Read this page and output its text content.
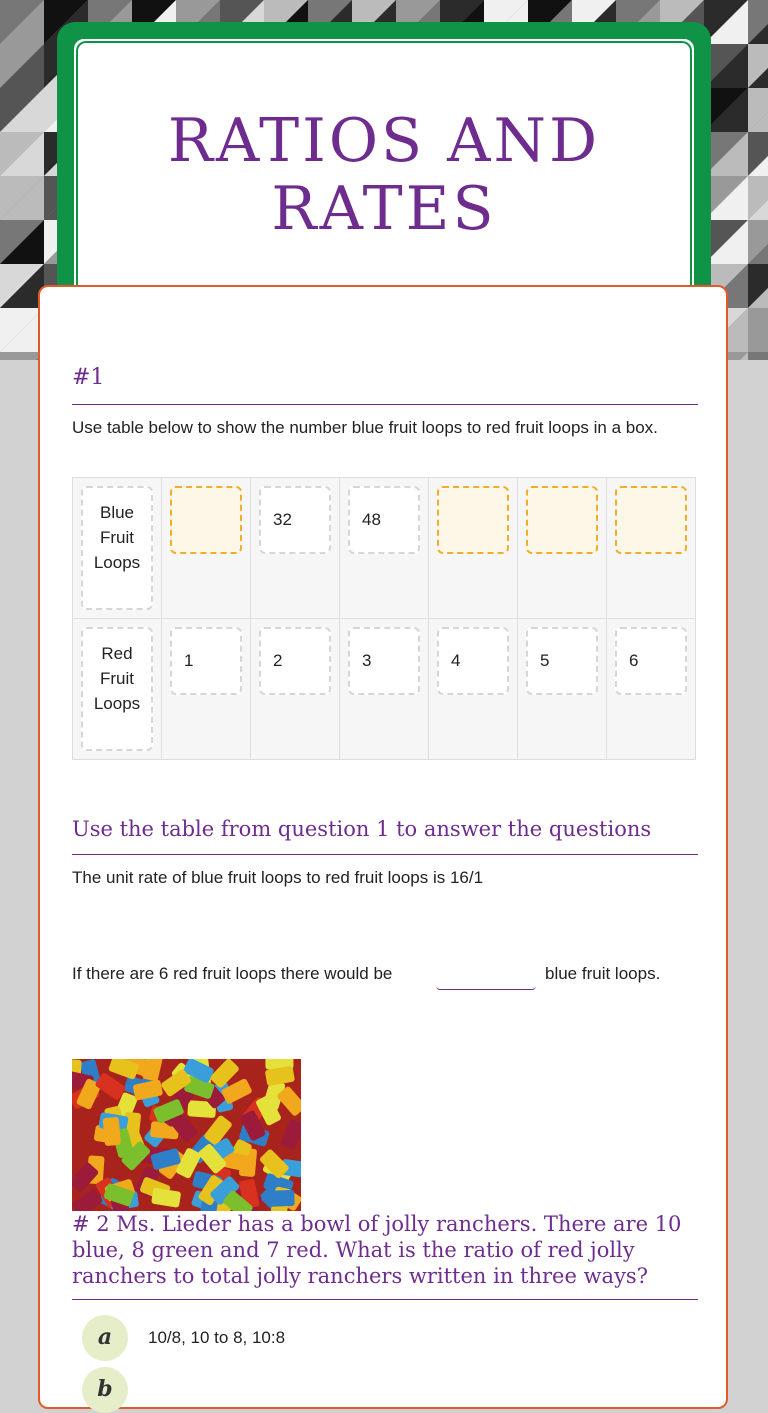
RATIOS AND RATES
#1
Use table below to show the number blue fruit loops to red fruit loops in a box.
Blue Fruit Loops		32	48			

Red Fruit Loops	1	2	3	4	5	6
Use the table from question 1 to answer the questions
The unit rate of blue fruit loops to red fruit loops is 16/1
If there are 6 red fruit loops there would be	blue fruit loops.
# 2 Ms. Lieder has a bowl of jolly ranchers. There are 10 blue, 8 green and 7 red. What is the ratio of red jolly ranchers to total jolly ranchers written in three ways?
a	10/8, 10 to 8, 10:8
b
